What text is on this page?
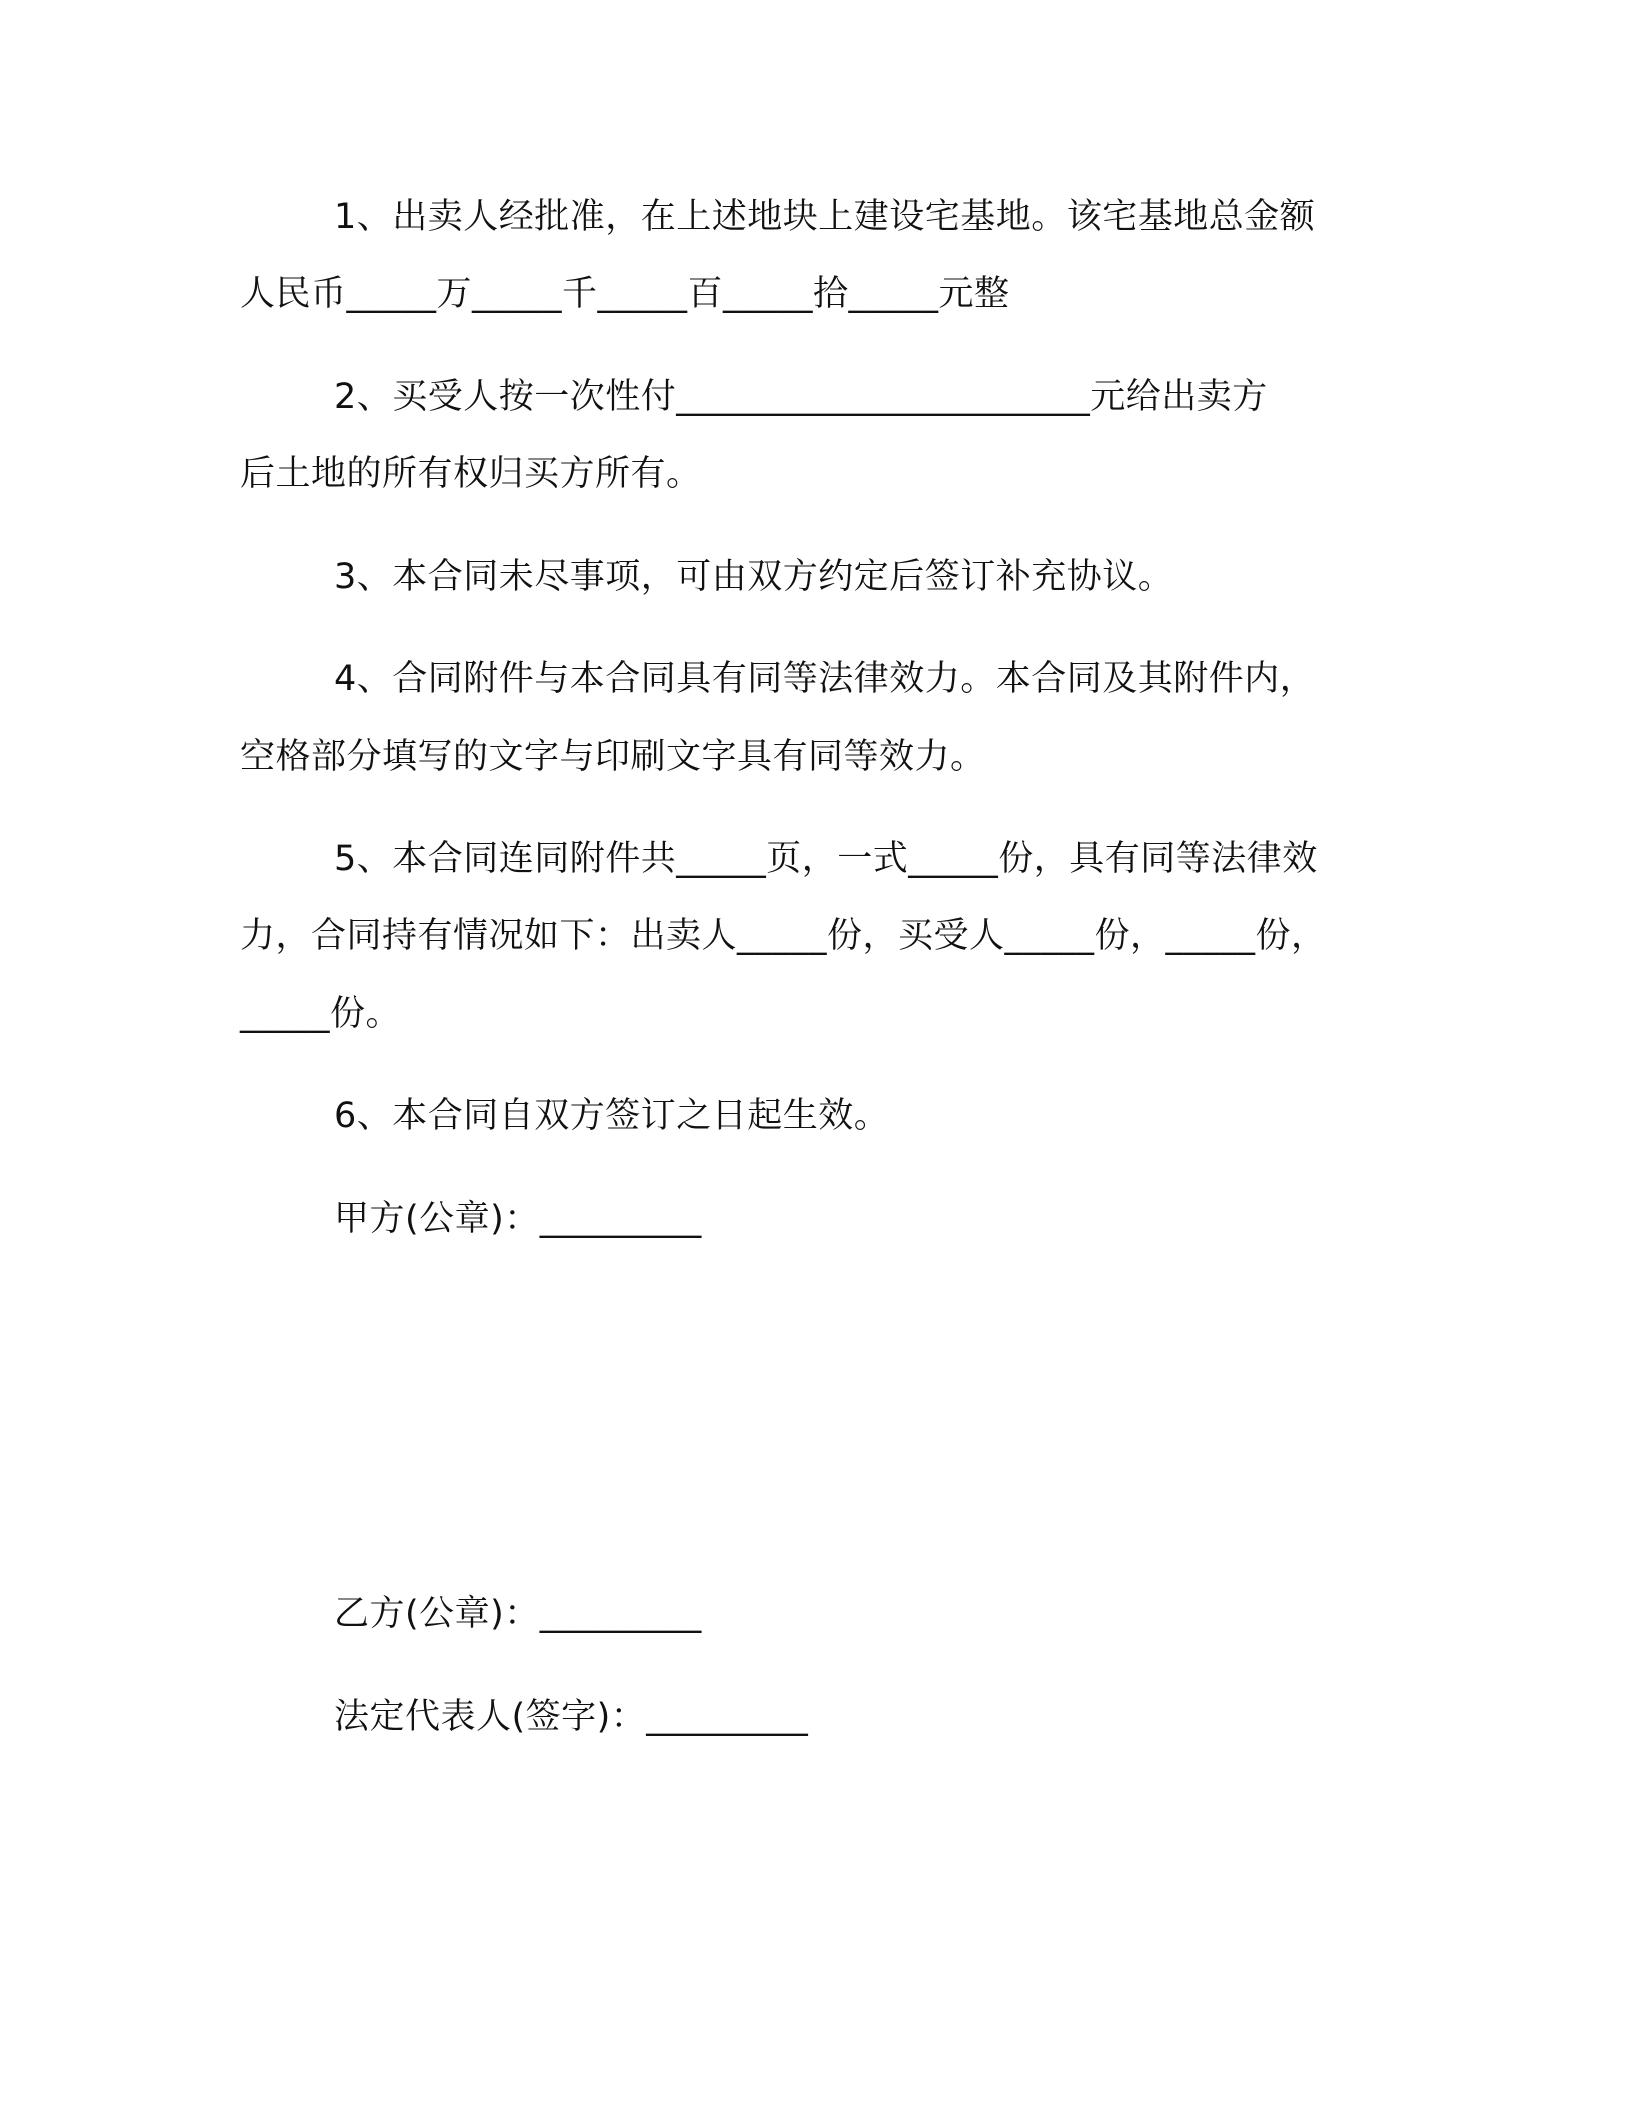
1、出卖人经批准，在上述地块上建设宅基地。该宅基地总金额
人民币_____万_____千_____百_____拾_____元整
2、买受人按一次性付_______________________元给出卖方
后土地的所有权归买方所有。
3、本合同未尽事项，可由双方约定后签订补充协议。
4、合同附件与本合同具有同等法律效力。本合同及其附件内，
空格部分填写的文字与印刷文字具有同等效力。
5、本合同连同附件共_____页，一式_____份，具有同等法律效
力，合同持有情况如下：出卖人_____份，买受人_____份，_____份，
_____份。
6、本合同自双方签订之日起生效。
甲方(公章)：_________
乙方(公章)：_________
法定代表人(签字)：_________
